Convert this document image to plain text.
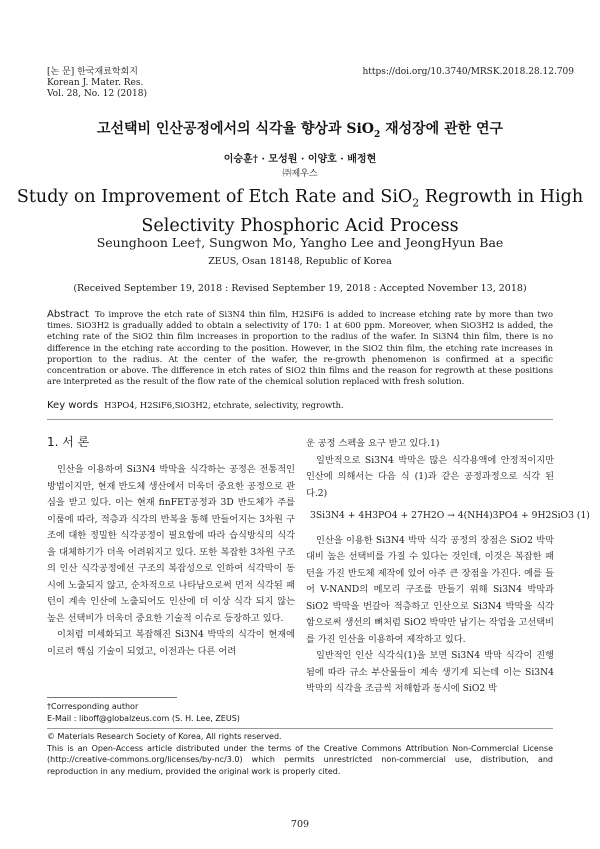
[논 문] 한국재료학회지
Korean J. Mater. Res.
Vol. 28, No. 12 (2018)
https://doi.org/10.3740/MRSK.2018.28.12.709
고선택비 인산공정에서의 식각율 향상과 SiO$_2$ 재성장에 관한 연구
이승훈† · 모성원 · 이양호 · 배정현
㈜제우스
Study on Improvement of Etch Rate and SiO$_2$ Regrowth in High
Selectivity Phosphoric Acid Process
Seunghoon Lee†, Sungwon Mo, Yangho Lee and JeongHyun Bae
ZEUS, Osan 18148, Republic of Korea
(Received September 19, 2018 : Revised September 19, 2018 : Accepted November 13, 2018)
Abstract To improve the etch rate of Si3N4 thin film, H2SiF6 is added to increase etching rate by more than two times. SiO3H2 is gradually added to obtain a selectivity of 170: 1 at 600 ppm. Moreover, when SiO3H2 is added, the etching rate of the SiO2 thin film increases in proportion to the radius of the wafer. In Si3N4 thin film, there is no difference in the etching rate according to the position. However, in the SiO2 thin film, the etching rate increases in proportion to the radius. At the center of the wafer, the re-growth phenomenon is confirmed at a specific concentration or above. The difference in etch rates of SiO2 thin films and the reason for regrowth at these positions are interpreted as the result of the flow rate of the chemical solution replaced with fresh solution.
Key words H3PO4, H2SiF6,SiO3H2, etchrate, selectivity, regrowth.
1. 서 론

인산을 이용하여 Si3N4 박막을 식각하는 공정은 전통적인 방법이지만, 현재 반도체 생산에서 더욱더 중요한 공정으로 관심을 받고 있다. 이는 현재 finFET공정과 3D 반도체가 주를 이룸에 따라, 적층과 식각의 반복을 통해 만들어지는 3차원 구조에 대한 정밀한 식각공정이 필요함에 따라 습식방식의 식각을 대체하기가 더욱 어려워지고 있다. 또한 복잡한 3차원 구조의 인산 식각공정에선 구조의 복잡성으로 인하여 식각막이 동시에 노출되지 않고, 순차적으로 나타남으로써 먼저 식각된 패턴이 계속 인산에 노출되어도 인산에 더 이상 식각 되지 않는 높은 선택비가 더욱더 중요한 기술적 이슈로 등장하고 있다.

이처럼 미세화되고 복잡해진 Si3N4 박막의 식각이 현재에 이르러 핵심 기술이 되었고, 이전과는 다른 어려

운 공정 스펙을 요구 받고 있다.1)

일반적으로 Si3N4 박막은 많은 식각용액에 안정적이지만 인산에 의해서는 다음 식 (1)과 같은 공정과정으로 식각 된다.2)

3Si3N4 + 4H3PO4 + 27H2O → 4(NH4)3PO4 + 9H2SiO3 (1)

인산을 이용한 Si3N4 박막 식각 공정의 장점은 SiO2 박막 대비 높은 선택비를 가질 수 있다는 것인데, 이것은 복잡한 패턴을 가진 반도체 제작에 있어 아주 큰 장점을 가진다. 예를 들어 V-NAND의 메모리 구조를 만들기 위해 Si3N4 박막과 SiO2 박막을 번갈아 적층하고 인산으로 Si3N4 박막을 식각함으로써 생선의 뼈처럼 SiO2 박막만 남기는 작업을 고선택비를 가진 인산을 이용하여 제작하고 있다.

일반적인 인산 식각식(1)을 보면 Si3N4 박막 식각이 진행됨에 따라 규소 부산물들이 계속 생기게 되는데 이는 Si3N4 박막의 식각을 조금씩 저해함과 동시에 SiO2 박

†Corresponding author
E-Mail : liboff@globalzeus.com (S. H. Lee, ZEUS)
© Materials Research Society of Korea, All rights reserved.
This is an Open-Access article distributed under the terms of the Creative Commons Attribution Non-Commercial License (http://creative-commons.org/licenses/by-nc/3.0) which permits unrestricted non-commercial use, distribution, and reproduction in any medium, provided the original work is properly cited.
709
